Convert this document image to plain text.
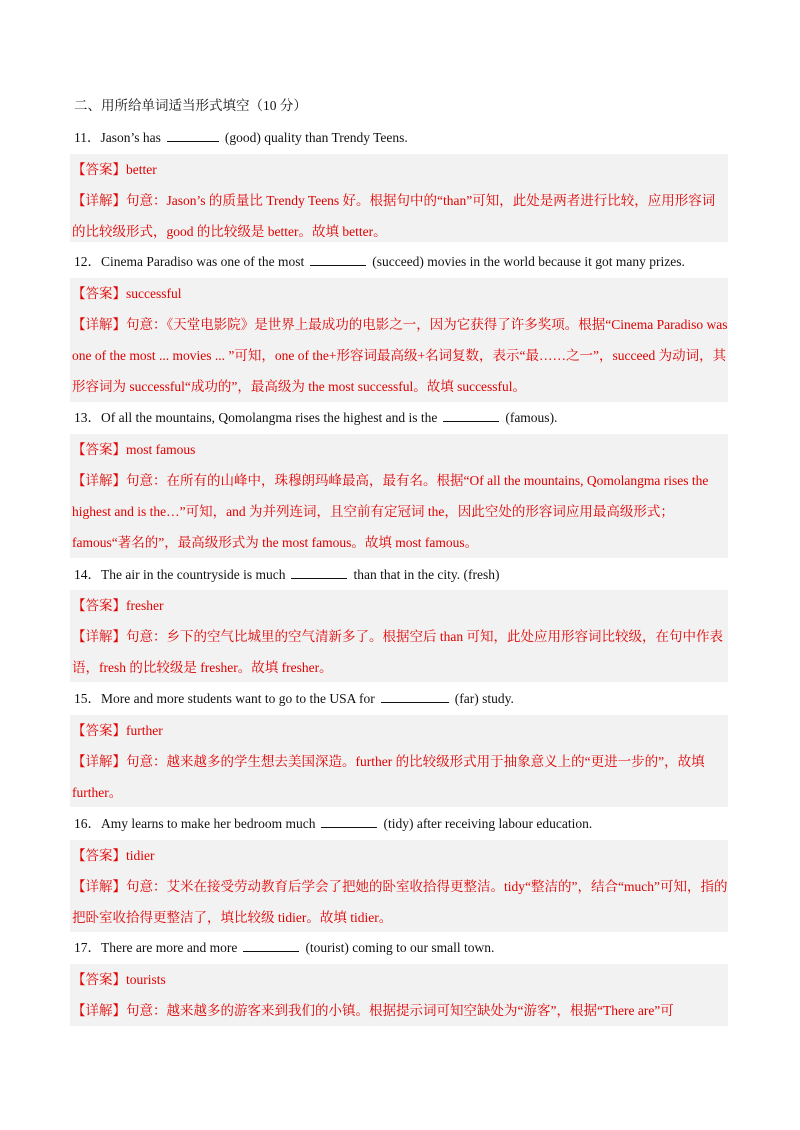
二、用所给单词适当形式填空（10 分）
11．Jason’s has	(good) quality than Trendy Teens.
【答案】better
【详解】句意：Jason’s 的质量比 Trendy Teens 好。根据句中的“than”可知，此处是两者进行比较，应用形容词的比较级形式，good 的比较级是 better。故填 better。
12．Cinema Paradiso was one of the most	(succeed) movies in the world because it got many prizes.
【答案】successful
【详解】句意：《天堂电影院》是世界上最成功的电影之一，因为它获得了许多奖项。根据“Cinema Paradiso was one of the most ... movies ... ”可知，one of the+形容词最高级+名词复数，表示“最……之一”，succeed 为动词，其形容词为 successful“成功的”，最高级为 the most successful。故填 successful。
13．Of all the mountains, Qomolangma rises the highest and is the	(famous).
【答案】most famous
【详解】句意：在所有的山峰中，珠穆朗玛峰最高，最有名。根据“Of all the mountains, Qomolangma rises the highest and is the…”可知，and 为并列连词，且空前有定冠词 the，因此空处的形容词应用最高级形式；famous“著名的”，最高级形式为 the most famous。故填 most famous。
14．The air in the countryside is much	than that in the city. (fresh)
【答案】fresher
【详解】句意：乡下的空气比城里的空气清新多了。根据空后 than 可知，此处应用形容词比较级，在句中作表语，fresh 的比较级是 fresher。故填 fresher。
15．More and more students want to go to the USA for	(far) study.
【答案】further
【详解】句意：越来越多的学生想去美国深造。further 的比较级形式用于抽象意义上的“更进一步的”，故填 further。
16．Amy learns to make her bedroom much	(tidy) after receiving labour education.
【答案】tidier
【详解】句意：艾米在接受劳动教育后学会了把她的卧室收拾得更整洁。tidy“整洁的”，结合“much”可知，指的把卧室收拾得更整洁了，填比较级 tidier。故填 tidier。
17．There are more and more	(tourist) coming to our small town.
【答案】tourists
【详解】句意：越来越多的游客来到我们的小镇。根据提示词可知空缺处为“游客”，根据“There are”可
